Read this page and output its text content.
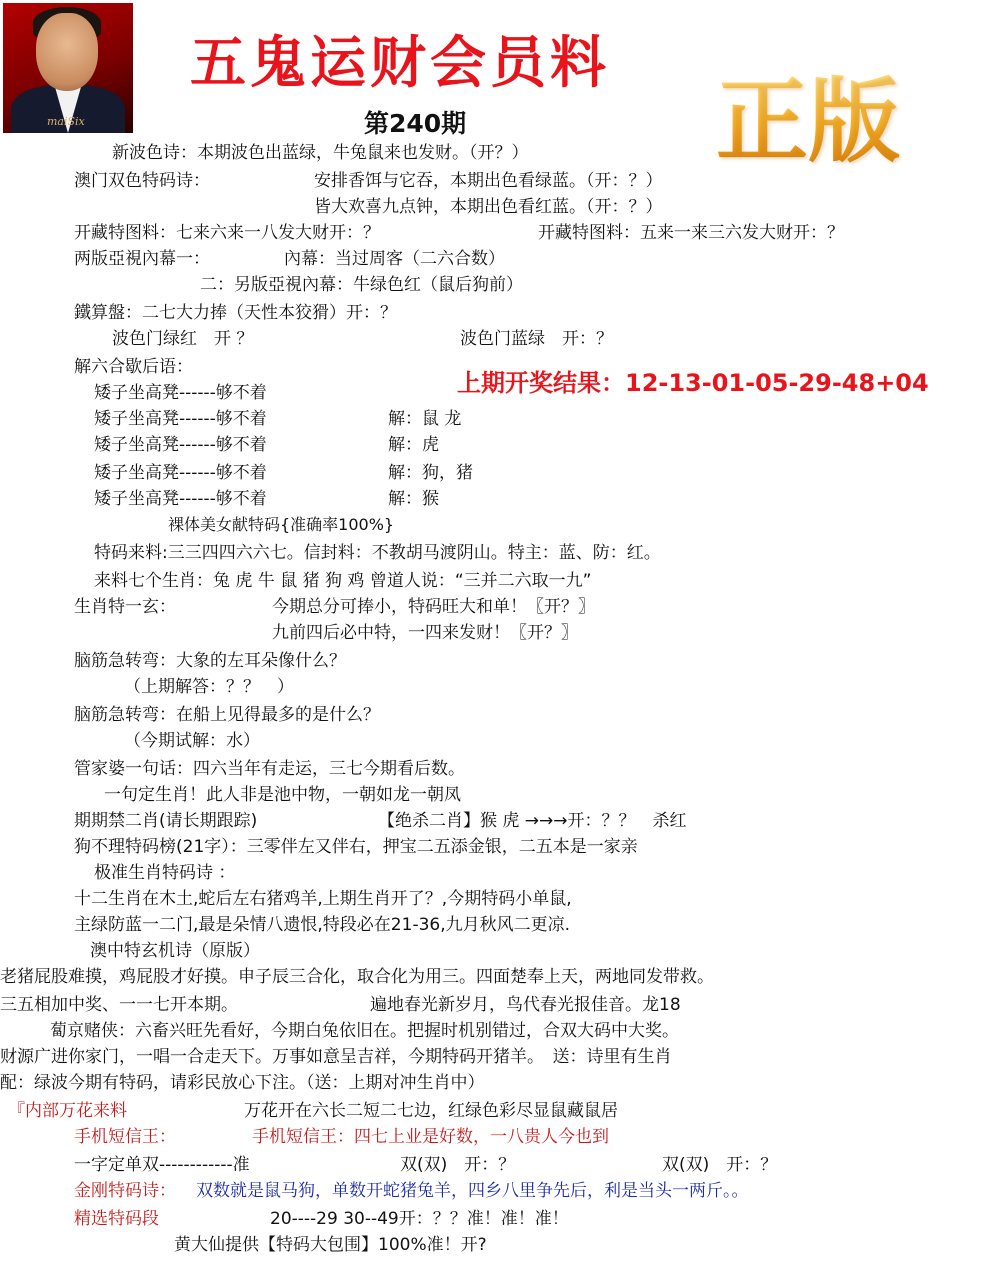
maiSix
五鬼运财会员料
第240期	正版
上期开奖结果：12-13-01-05-29-48+04
新波色诗：本期波色出蓝绿，牛兔鼠来也发财。（开？）
澳门双色特码诗：	安排香饵与它吞，本期出色看绿蓝。（开：？）
皆大欢喜九点钟，本期出色看红蓝。（开：？）
开藏特图料：七来六来一八发大财开：？	开藏特图料：五来一来三六发大财开：？
两版亞視內幕一：	內幕：当过周客（二六合数）
二：另版亞視內幕：牛绿色红（鼠后狗前）
鐵算盤：二七大力捧（天性本狡猾）开：？
波色门绿红　开 ？	波色门蓝绿　开：？
解六合歇后语：
矮子坐高凳------够不着
矮子坐高凳------够不着	解：鼠 龙
矮子坐高凳------够不着	解：虎
矮子坐高凳------够不着	解：狗，猪
矮子坐高凳------够不着	解：猴
裸体美女献特码{准确率100%}
特码来料:三三四四六六七。信封料：不教胡马渡阴山。特主：蓝、防：红。
来料七个生肖：兔 虎 牛 鼠 猪 狗 鸡 曾道人说：“三并二六取一九”
生肖特一玄：	今期总分可捧小，特码旺大和单！〖开？〗
九前四后必中特，一四来发财！〖开？〗
脑筋急转弯：大象的左耳朵像什么？
（上期解答：？？　）
脑筋急转弯：在船上见得最多的是什么？
（今期试解：水）
管家婆一句话：四六当年有走运，三七今期看后数。
一句定生肖！此人非是池中物，一朝如龙一朝凤
期期禁二肖(请长期跟踪)	【绝杀二肖】猴 虎 →→→开：？？　杀红
狗不理特码榜(21字）：三零伴左又伴右，押宝二五添金银，二五本是一家亲
极准生肖特码诗 ：
十二生肖在木土,蛇后左右猪鸡羊,上期生肖开了？,今期特码小单鼠,
主绿防蓝一二门,最是朵情八遗恨,特段必在21-36,九月秋风二更凉.
澳中特玄机诗（原版）
老猪屁股难摸，鸡屁股才好摸。申子辰三合化，取合化为用三。四面楚奉上天，两地同发带救。
三五相加中奖、一一七开本期。	遍地春光新岁月，鸟代春光报佳音。龙18
蔔京赌侠：六畜兴旺先看好，今期白兔依旧在。把握时机别错过，合双大码中大奖。
财源广进你家门，一唱一合走天下。万事如意呈吉祥，今期特码开猪羊。　送：诗里有生肖
配：绿波今期有特码，请彩民放心下注。（送：上期对冲生肖中）
『内部万花来料	万花开在六长二短二七边，红绿色彩尽显鼠藏鼠居
手机短信王：	手机短信王：四七上业是好数，一八贵人今也到
一字定单双------------准	双(双)　开：？	双(双)　开：？
金刚特码诗： 双数就是鼠马狗，单数开蛇猪兔羊，四乡八里争先后，利是当头一两斤。。
精选特码段	20----29 30--49开：？？准！准！准！
黄大仙提供【特码大包围】100%准！开?
